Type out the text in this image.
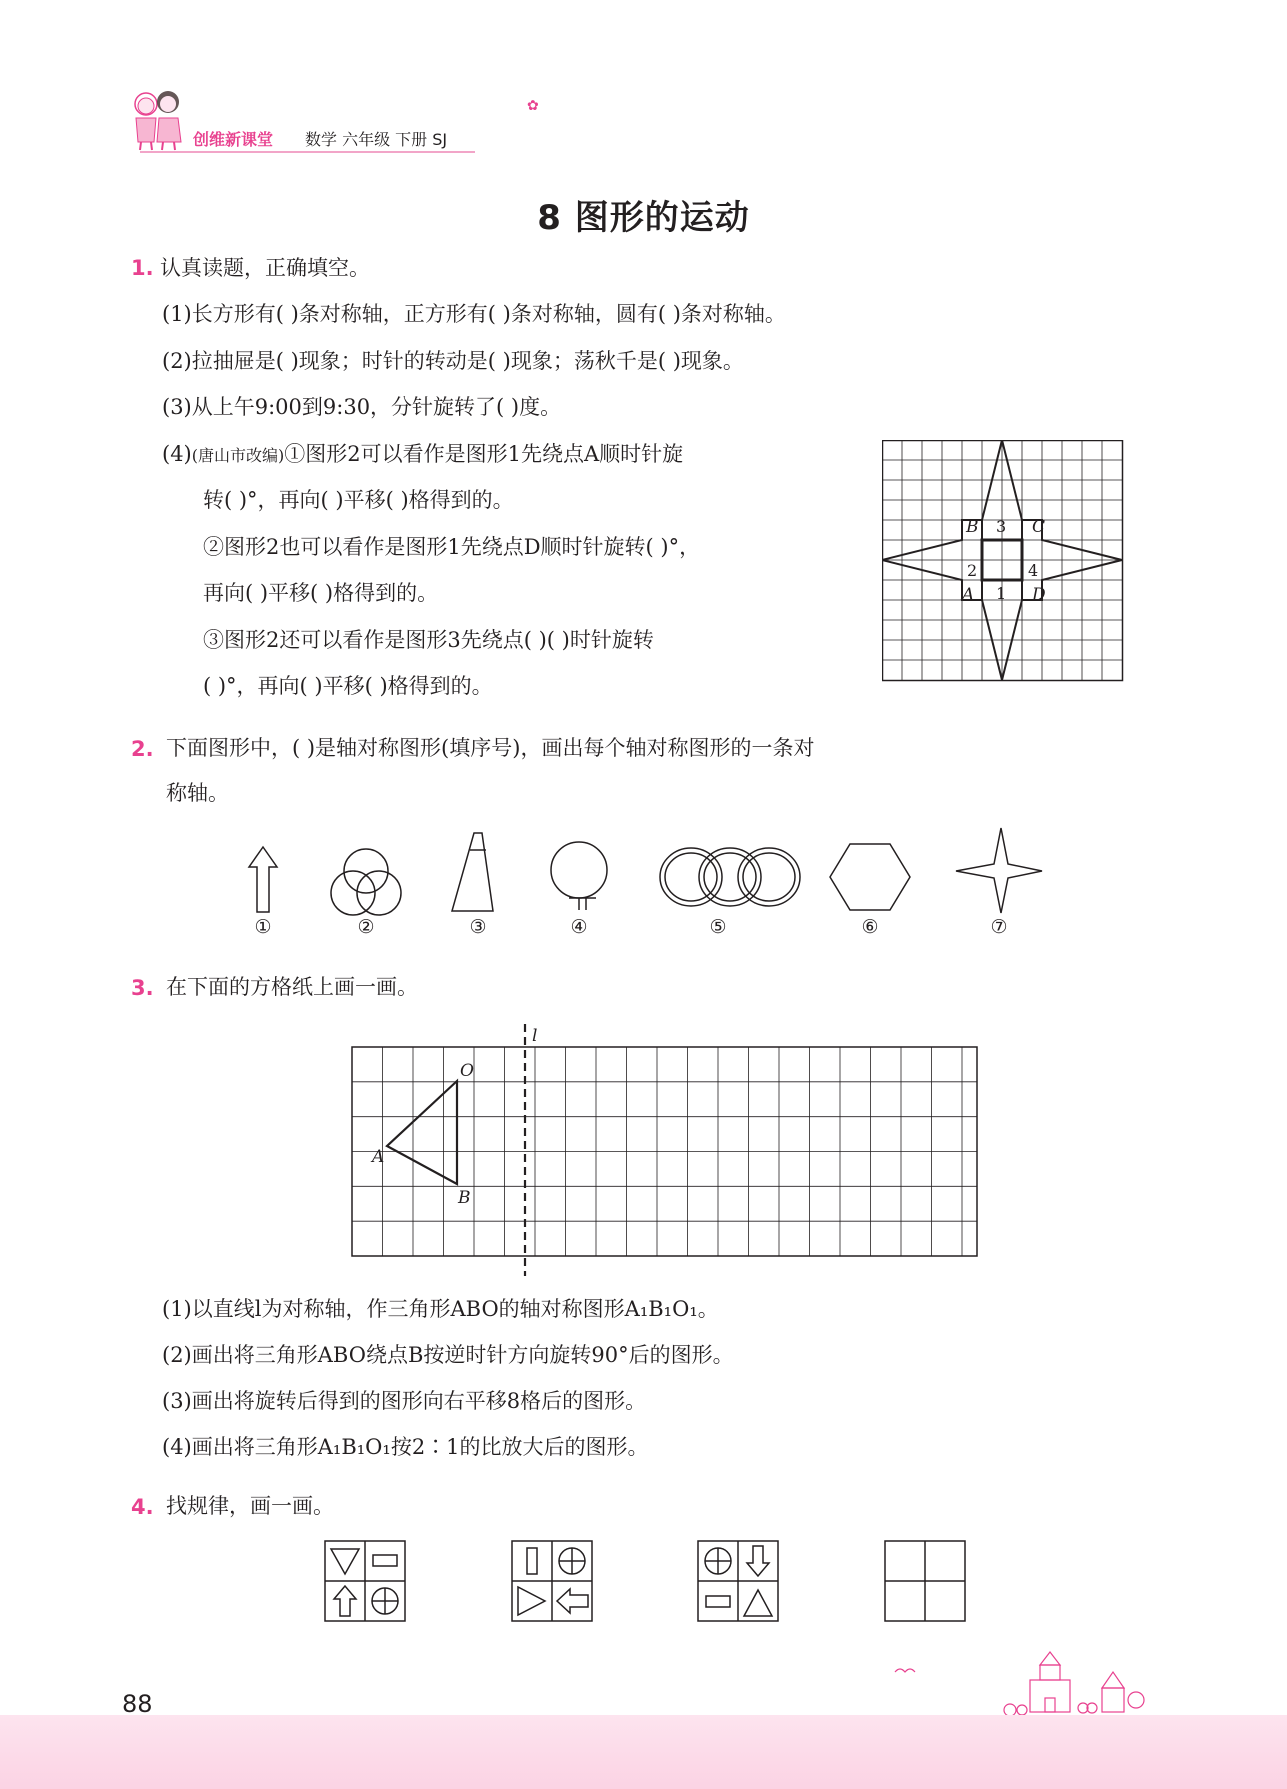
创维新课堂 数学 六年级 下册 SJ
✿
8 图形的运动
1. 认真读题，正确填空。
(1)长方形有( )条对称轴，正方形有( )条对称轴，圆有( )条对称轴。
(2)拉抽屉是( )现象；时针的转动是( )现象；荡秋千是( )现象。
(3)从上午9:00到9:30，分针旋转了( )度。
(4)(唐山市改编)①图形2可以看作是图形1先绕点A顺时针旋
转( )°，再向( )平移( )格得到的。
②图形2也可以看作是图形1先绕点D顺时针旋转( )°，
再向( )平移( )格得到的。
③图形2还可以看作是图形3先绕点( )( )时针旋转
( )°，再向( )平移( )格得到的。
B	C
A	D
3
2	4
1
2. 下面图形中，( )是轴对称图形(填序号)，画出每个轴对称图形的一条对
称轴。
①	②	③	④	⑤	⑥	⑦
3. 在下面的方格纸上画一画。
l
O
A
B
(1)以直线l为对称轴，作三角形ABO的轴对称图形A₁B₁O₁。
(2)画出将三角形ABO绕点B按逆时针方向旋转90°后的图形。
(3)画出将旋转后得到的图形向右平移8格后的图形。
(4)画出将三角形A₁B₁O₁按2∶1的比放大后的图形。
4. 找规律，画一画。
88
